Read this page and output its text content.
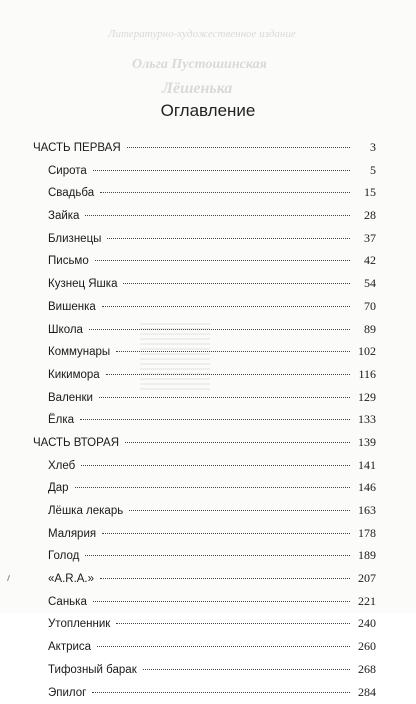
Литературно-художественное издание
Ольга Пустошинская
Лёшенька
Оглавление
ЧАСТЬ ПЕРВАЯ	3
Сирота	5
Свадьба	15
Зайка	28
Близнецы	37
Письмо	42
Кузнец Яшка	54
Вишенка	70
Школа	89
Коммунары	102
Кикимора	116
Валенки	129
Ёлка	133
ЧАСТЬ ВТОРАЯ	139
Хлеб	141
Дар	146
Лёшка лекарь	163
Малярия	178
Голод	189
«A.R.A.»	207
Санька	221
Утопленник	240
Актриса	260
Тифозный барак	268
Эпилог	284
